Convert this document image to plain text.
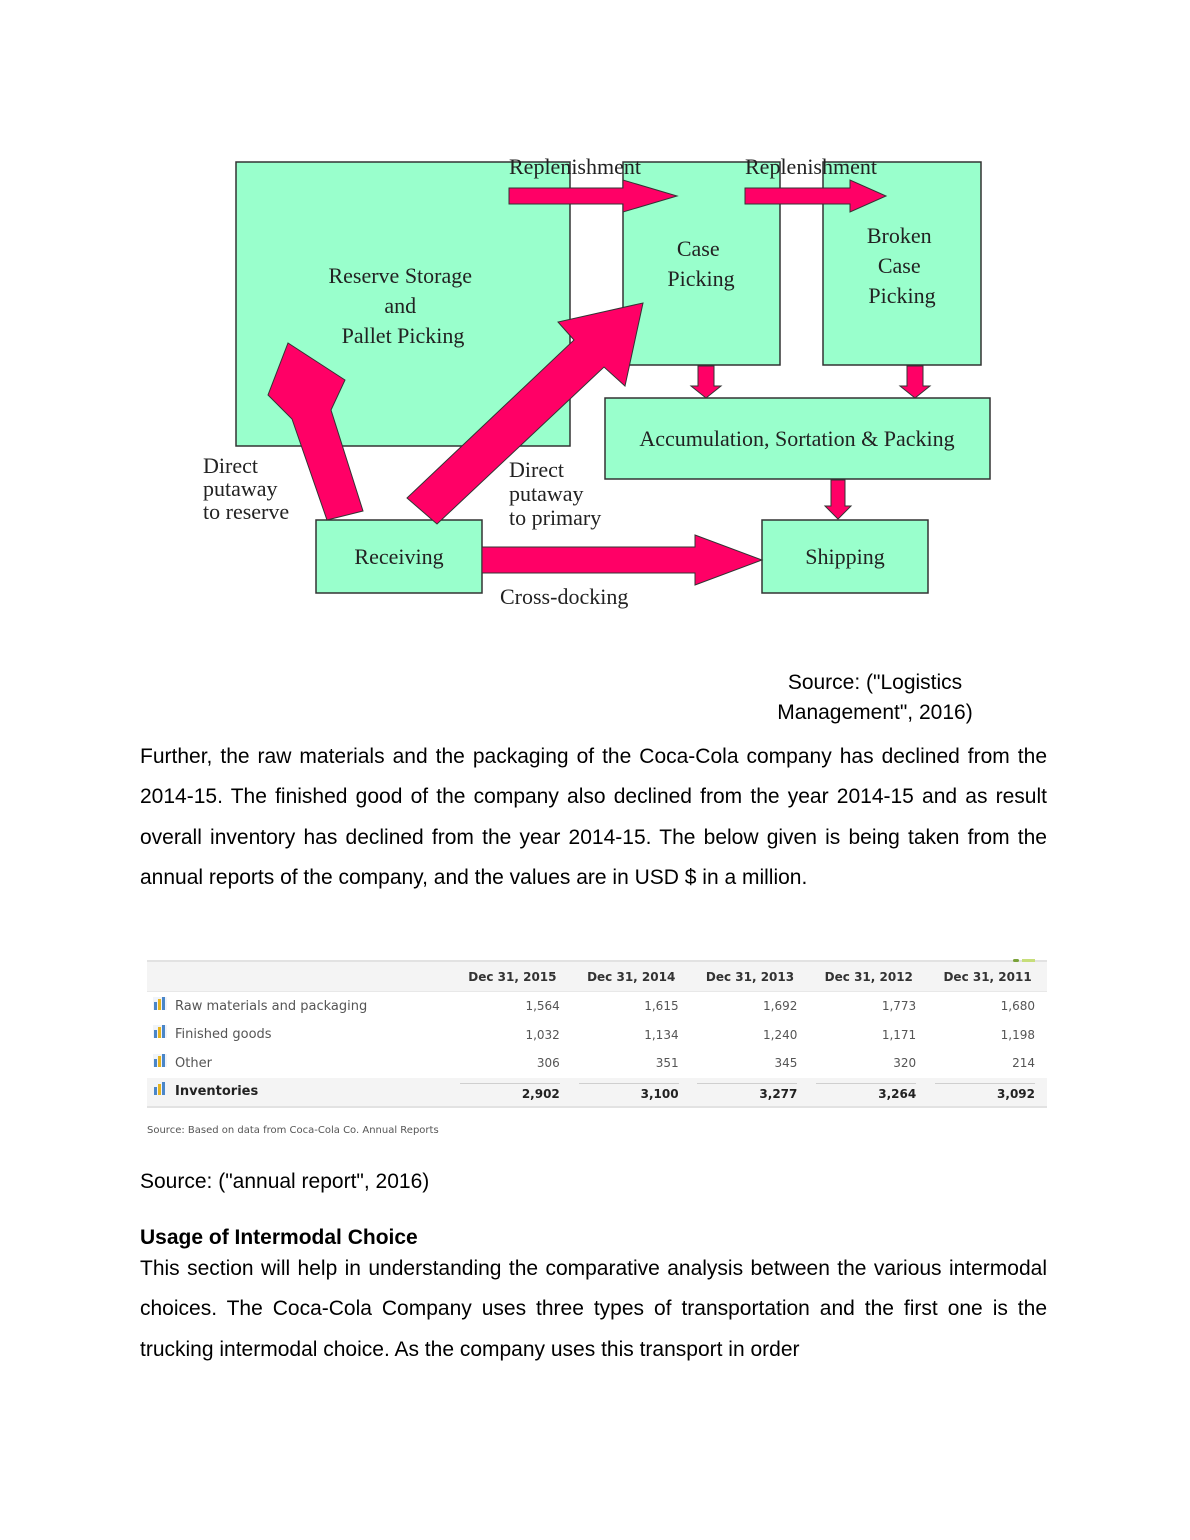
Reserve Storage and Pallet Picking
Case Picking
Broken Case Picking
Accumulation, Sortation & Packing
Receiving	Shipping
Replenishment	Replenishment
Direct putaway to reserve
Direct putaway to primary
Cross-docking
Source: ("Logistics
Management", 2016)
Further, the raw materials and the packaging of the Coca-Cola company has declined from the 2014-15. The finished good of the company also declined from the year 2014-15 and as result overall inventory has declined from the year 2014-15. The below given is being taken from the annual reports of the company, and the values are in USD $ in a million.
	Dec 31, 2015	Dec 31, 2014	Dec 31, 2013	Dec 31, 2012	Dec 31, 2011
Raw materials and packaging	1,564	1,615	1,692	1,773	1,680
Finished goods	1,032	1,134	1,240	1,171	1,198
Other	306	351	345	320	214
Inventories	2,902	3,100	3,277	3,264	3,092
Source: Based on data from Coca-Cola Co. Annual Reports
Source: ("annual report", 2016)
Usage of Intermodal Choice
This section will help in understanding the comparative analysis between the various intermodal choices. The Coca-Cola Company uses three types of transportation and the first one is the trucking intermodal choice. As the company uses this transport in order
